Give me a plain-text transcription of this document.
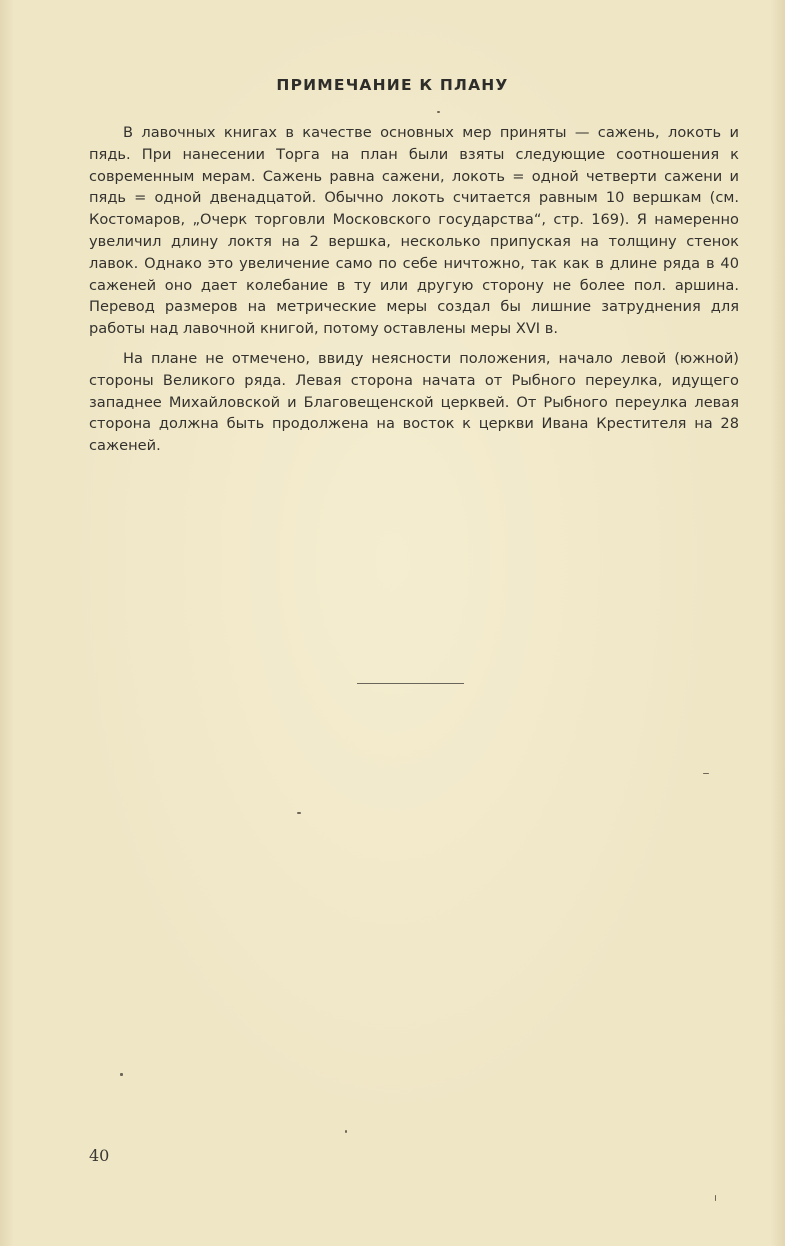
ПРИМЕЧАНИЕ К ПЛАНУ

В лавочных книгах в качестве основных мер приняты — сажень, локоть и пядь. При нанесении Торга на план были взяты следующие соотношения к современным мерам. Сажень равна сажени, локоть = одной четверти сажени и пядь = одной двенадцатой. Обычно локоть считается равным 10 вершкам (см. Костомаров, „Очерк торговли Московского государства“, стр. 169). Я намеренно увеличил длину локтя на 2 вершка, несколько припуская на толщину стенок лавок. Однако это увеличение само по себе ничтожно, так как в длине ряда в 40 саженей оно дает колебание в ту или другую сторону не более пол. аршина. Перевод размеров на метрические меры создал бы лишние затруднения для работы над лавочной книгой, потому оставлены меры XVI в.

На плане не отмечено, ввиду неясности положения, начало левой (южной) стороны Великого ряда. Левая сторона начата от Рыбного переулка, идущего западнее Михайловской и Благовещенской церквей. От Рыбного переулка левая сторона должна быть продолжена на восток к церкви Ивана Крестителя на 28 саженей.

40
